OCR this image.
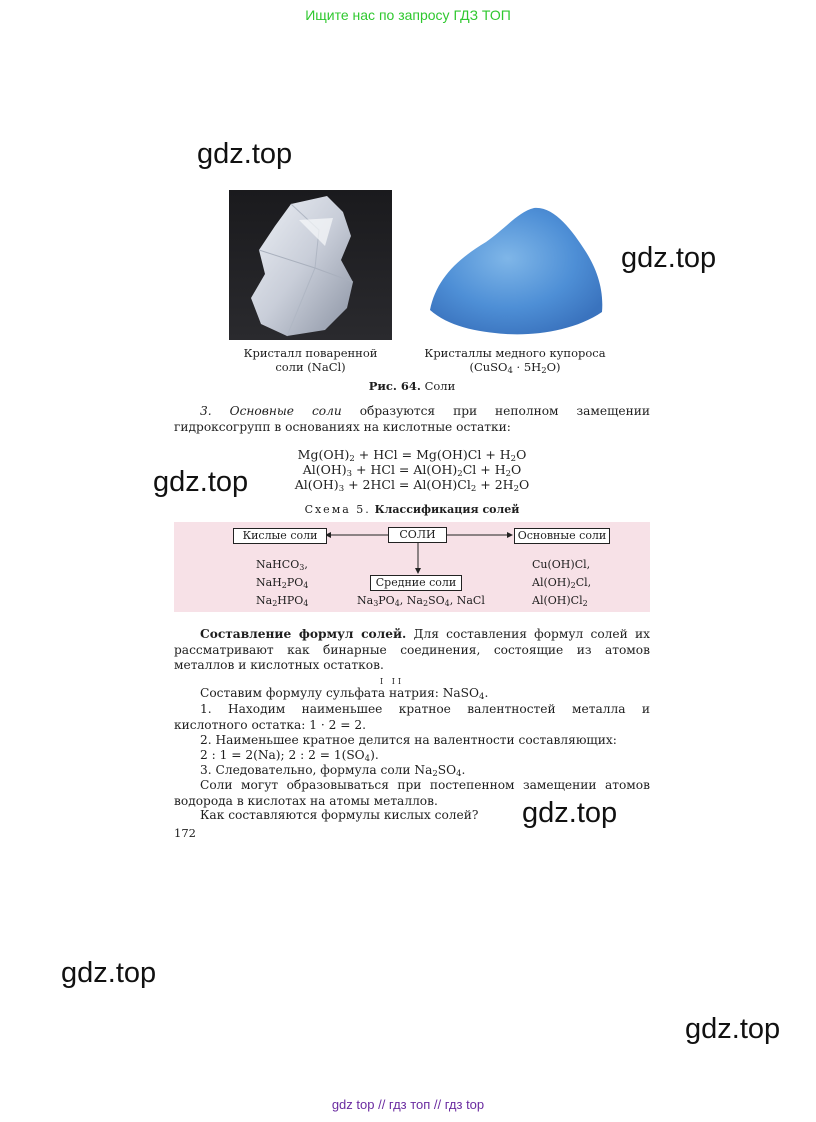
Ищите нас по запросу ГДЗ ТОП
gdz.top
gdz.top
gdz.top
gdz.top
gdz.top
gdz.top
Кристалл поваренной
соли (NaCl)
Кристаллы медного купороса
(CuSO$_4$ · $5H_2O$)
Рис. 64. Соли
3. Основные соли образуются при неполном замещении гидроксогрупп в основаниях на кислотные остатки:
$Mg(OH)_2$ + HCl = $Mg(OH)Cl + H_2O$
$Al(OH)_3$ + HCl = $Al(OH)_2Cl + H_2O$
$Al(OH)_3 + 2HCl = Al(OH)Cl_2 + 2H_2O$
Схема 5. Классификация солей
СОЛИ
Кислые соли	Основные соли
Средние соли
NaHCO$_3$,
$NaH_2PO_4$
$Na_2HPO_4$
Cu(OH)Cl,
$Al(OH)_2Cl$,
$Al(OH)Cl_2$
$Na_3PO_4$, $Na_2SO_4$, NaCl
Составление формул солей. Для составления формул солей их рассматривают как бинарные соединения, состоящие из атомов металлов и кислотных остатков.
I II
Составим формулу сульфата натрия: NaSO$_4$.
1. Находим наименьшее кратное валентностей металла и кислотного остатка: 1 · 2 = 2.
2. Наименьшее кратное делится на валентности составляющих:
2 : 1 = 2(Na); 2 : $2 = 1(SO_4)$.
3. Следовательно, формула соли $Na_2SO_4$.
Соли могут образовываться при постепенном замещении атомов водорода в кислотах на атомы металлов.
Как составляются формулы кислых солей?
172
gdz top // гдз топ // гдз top
